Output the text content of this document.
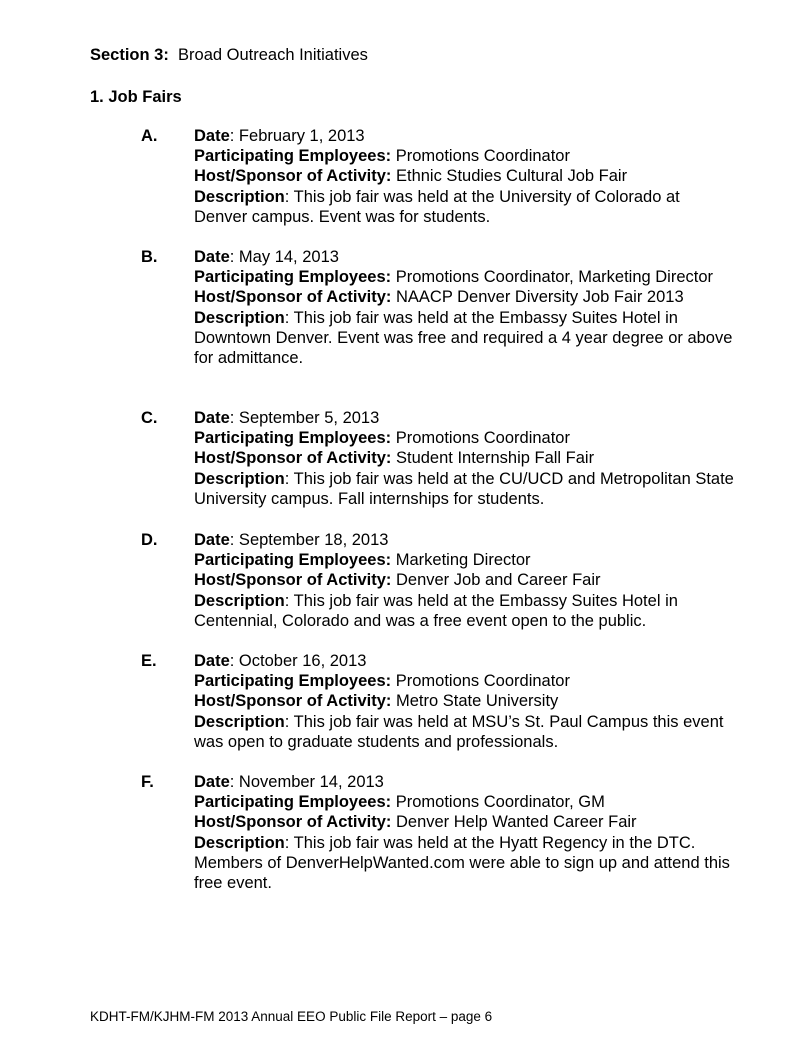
Section 3: Broad Outreach Initiatives
1. Job Fairs
A. Date: February 1, 2013
Participating Employees: Promotions Coordinator
Host/Sponsor of Activity: Ethnic Studies Cultural Job Fair
Description: This job fair was held at the University of Colorado at Denver campus. Event was for students.
B. Date: May 14, 2013
Participating Employees: Promotions Coordinator, Marketing Director
Host/Sponsor of Activity: NAACP Denver Diversity Job Fair 2013
Description: This job fair was held at the Embassy Suites Hotel in Downtown Denver. Event was free and required a 4 year degree or above for admittance.
C. Date: September 5, 2013
Participating Employees: Promotions Coordinator
Host/Sponsor of Activity: Student Internship Fall Fair
Description: This job fair was held at the CU/UCD and Metropolitan State University campus. Fall internships for students.
D. Date: September 18, 2013
Participating Employees: Marketing Director
Host/Sponsor of Activity: Denver Job and Career Fair
Description: This job fair was held at the Embassy Suites Hotel in Centennial, Colorado and was a free event open to the public.
E. Date: October 16, 2013
Participating Employees: Promotions Coordinator
Host/Sponsor of Activity: Metro State University
Description: This job fair was held at MSU’s St. Paul Campus this event was open to graduate students and professionals.
F. Date: November 14, 2013
Participating Employees: Promotions Coordinator, GM
Host/Sponsor of Activity: Denver Help Wanted Career Fair
Description: This job fair was held at the Hyatt Regency in the DTC. Members of DenverHelpWanted.com were able to sign up and attend this free event.
KDHT-FM/KJHM-FM 2013 Annual EEO Public File Report – page 6
